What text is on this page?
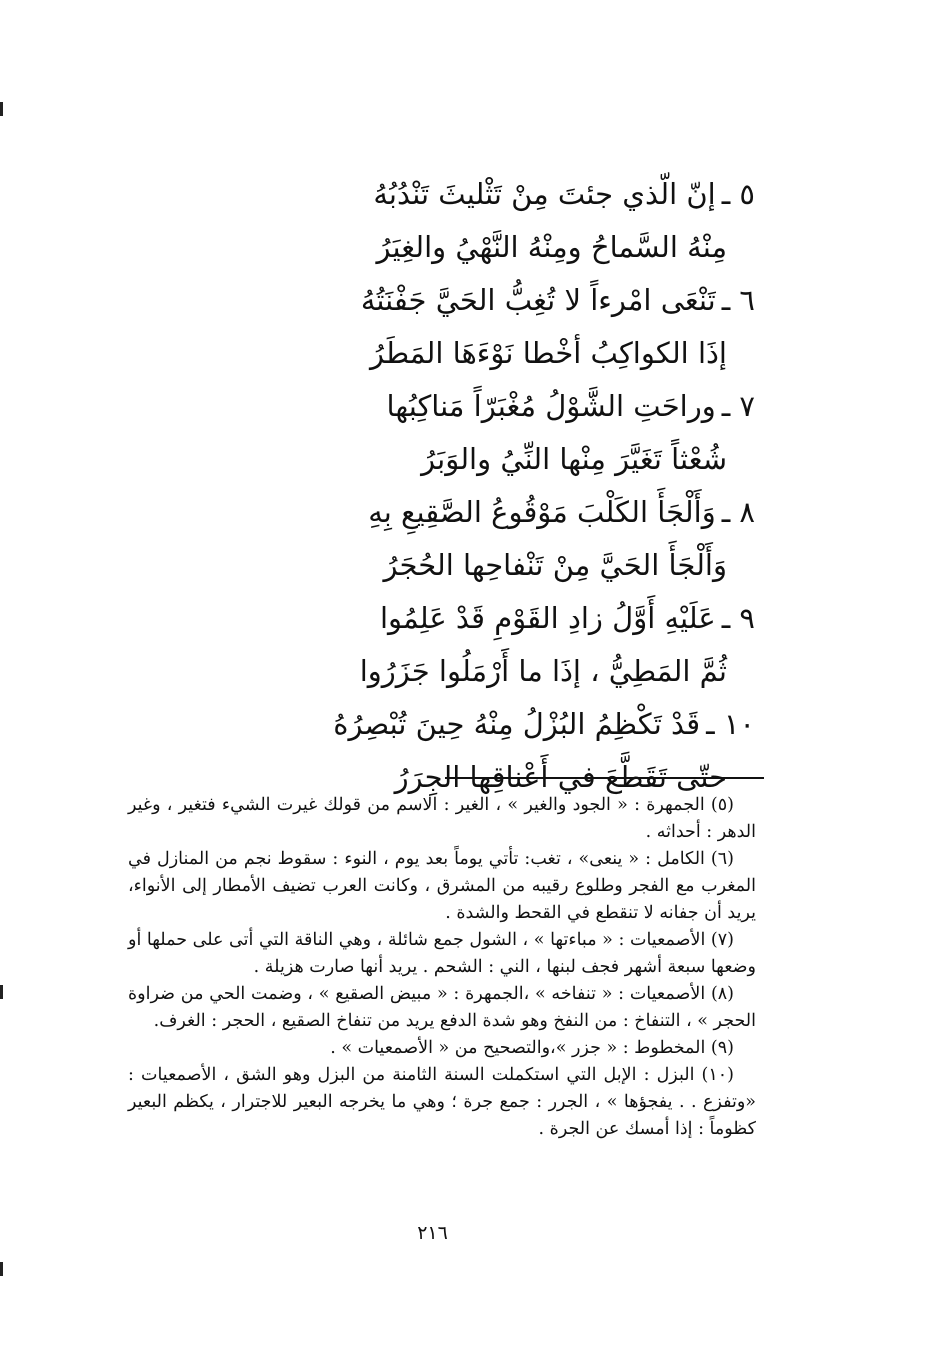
٥ ـإنّ الّذي جئتَ مِنْ تَثْليثَ تَنْدُبُهُ
مِنْهُ السَّماحُ ومِنْهُ النَّهْيُ والغِيَرُ
٦ ـتَنْعَى امْرءاً لا تُغِبُّ الحَيَّ جَفْنَتُهُ
إذَا الكواكِبُ أخْطا نَوْءَهَا المَطَرُ
٧ ـوراحَتِ الشَّوْلُ مُغْبَرّاً مَناكِبُها
شُعْثاً تَغَيَّرَ مِنْها النِّيُ والوَبَرُ
٨ ـوَأَلْجَأَ الكَلْبَ مَوْقُوعُ الصَّقِيعِ بِهِ
وَأَلْجَأَ الحَيَّ مِنْ تَنْفاحِها الحُجَرُ
٩ ـعَلَيْهِ أَوَّلُ زادِ القَوْمِ قَدْ عَلِمُوا
ثُمَّ المَطِيُّ ، إذَا ما أَرْمَلُوا جَزَرُوا
١٠ ـقَدْ تَكْظِمُ البُزْلُ مِنْهُ حِينَ تُبْصِرُهُ
حتّى تَقَطَّعَ في أَعْناقِها الجِرَرُ

(٥) الجمهرة : « الجود والغير » ، الغير : الاسم من قولك غيرت الشيء فتغير ، وغير الدهر : أحداثه .

(٦) الكامل : « ينعى» ، تغب: تأتي يوماً بعد يوم ، النوء : سقوط نجم من المنازل في المغرب مع الفجر وطلوع رقيبه من المشرق ، وكانت العرب تضيف الأمطار إلى الأنواء، يريد أن جفانه لا تنقطع في القحط والشدة .

(٧) الأصمعيات : « مباءتها » ، الشول جمع شائلة ، وهي الناقة التي أتى على حملها أو وضعها سبعة أشهر فجف لبنها ، الني : الشحم . يريد أنها صارت هزيلة .

(٨) الأصمعيات : « تنفاخه » ،الجمهرة : « مبيض الصقيع » ، وضمت الحي من ضراوة الحجر » ، التنفاخ : من النفخ وهو شدة الدفع يريد من تنفاخ الصقيع ، الحجر : الغرف.

(٩) المخطوط : « جزر »،والتصحيح من « الأصمعيات » .

(١٠) البزل : الإبل التي استكملت السنة الثامنة من البزل وهو الشق ، الأصمعيات : «وتفزع . . يفجؤها » ، الجرر : جمع جرة ؛ وهي ما يخرجه البعير للاجترار ، يكظم البعير كظوماً : إذا أمسك عن الجرة .

٢١٦
